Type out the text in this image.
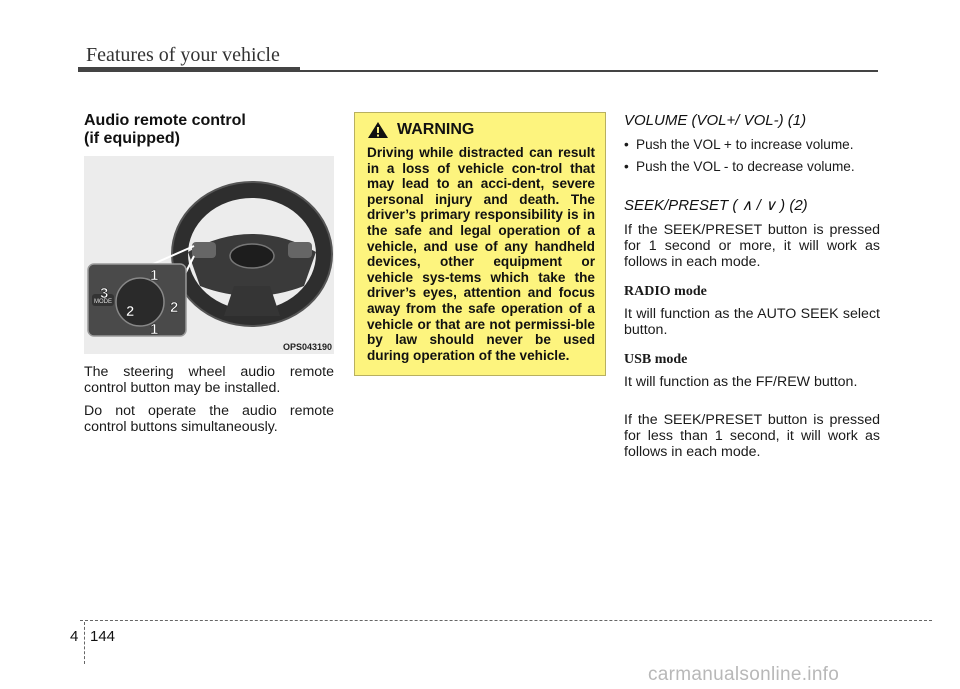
Features of your vehicle
Audio remote control
(if equipped)
MODE
1
2
3
2
1
OPS043190

The steering wheel audio remote control button may be installed.

Do not operate the audio remote control buttons simultaneously.

WARNING

Driving while distracted can result in a loss of vehicle con-trol that may lead to an acci-dent, severe personal injury and death. The driver’s primary responsibility is in the safe and legal operation of a vehicle, and use of any handheld devices, other equipment or vehicle sys-tems which take the driver’s eyes, attention and focus away from the safe operation of a vehicle or that are not permissi-ble by law should never be used during operation of the vehicle.

VOLUME (VOL+/ VOL-) (1)
• Push the VOL + to increase volume.
• Push the VOL - to decrease volume.
SEEK/PRESET ( ∧ / ∨ ) (2)

If the SEEK/PRESET button is pressed for 1 second or more, it will work as follows in each mode.

RADIO mode

It will function as the AUTO SEEK select button.

USB mode

It will function as the FF/REW button.

If the SEEK/PRESET button is pressed for less than 1 second, it will work as follows in each mode.

4 144
carmanualsonline.info
